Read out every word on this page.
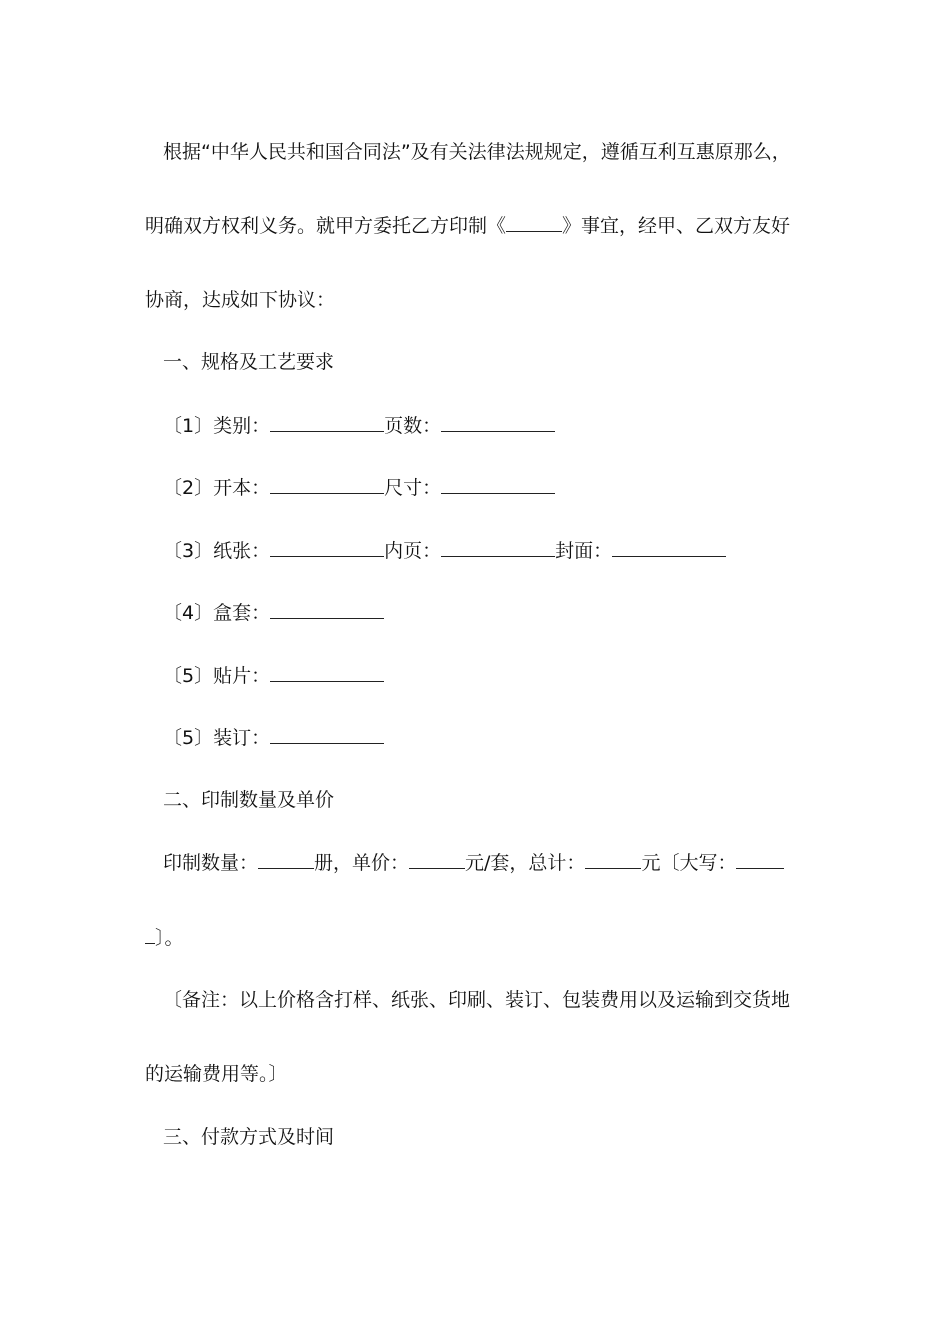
根据“中华人民共和国合同法”及有关法律法规规定，遵循互利互惠原那么，
明确双方权利义务。就甲方委托乙方印制《	》事宜，经甲、乙双方友好
协商，达成如下协议：
一、规格及工艺要求
〔1〕类别：	页数：
〔2〕开本：	尺寸：
〔3〕纸张：	内页：	封面：
〔4〕盒套：
〔5〕贴片：
〔5〕装订：
二、印制数量及单价
印制数量：	册，单价：	元/套，总计：	元〔大写：
〕。
〔备注：以上价格含打样、纸张、印刷、装订、包装费用以及运输到交货地
的运输费用等。〕
三、付款方式及时间
